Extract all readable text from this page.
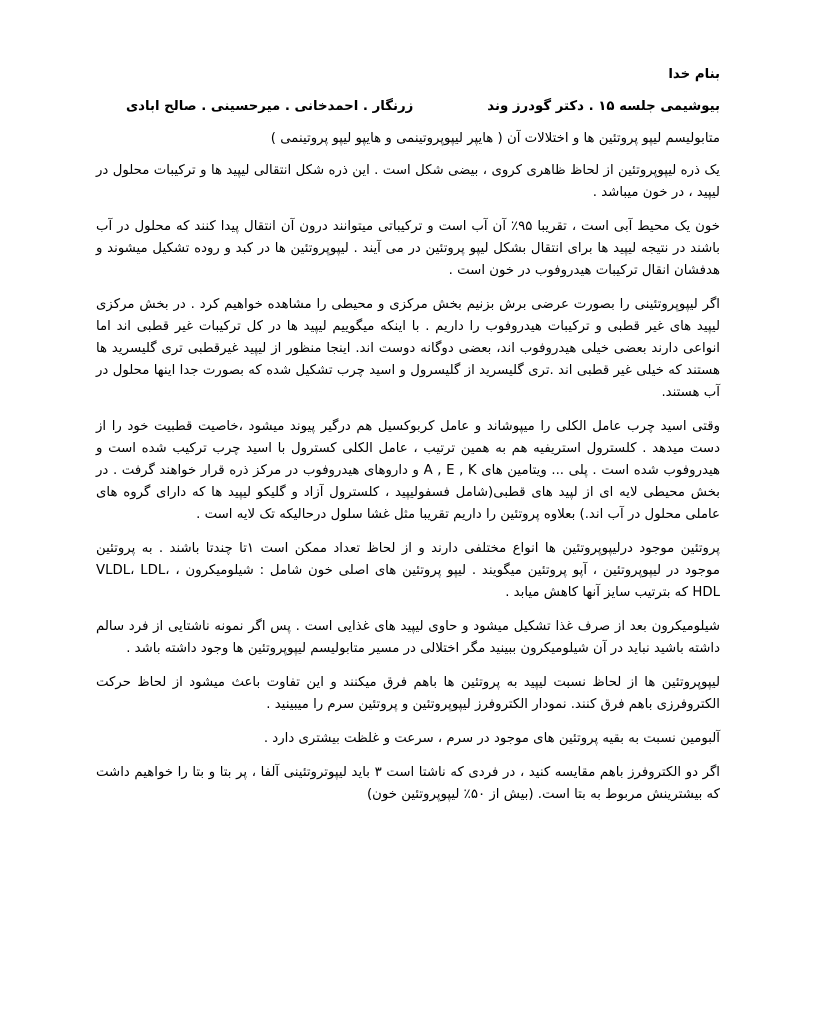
بنام خدا
بیوشیمی جلسه ۱۵ . دکتر گودرز وند
زرنگار . احمدخانی . میرحسینی . صالح ابادی
متابولیسم لیپو پروتئین ها و اختلالات آن ( هایپر لیپوپروتینمی و هایپو لیپو پروتینمی )

یک ذره لیپوپروتئین از لحاظ ظاهری کروی ، بیضی شکل است . این ذره شکل انتقالی لیپید ها و ترکیبات محلول در لیپید ، در خون میباشد .

خون یک محیط آبی است ، تقریبا ۹۵٪ آن آب است و ترکیباتی میتوانند درون آن انتقال پیدا کنند که محلول در آب باشند در نتیجه لیپید ها برای انتقال بشکل لیپو پروتئین در می آیند . لیپوپروتئین ها در کبد و روده تشکیل میشوند و هدفشان انقال ترکیبات هیدروفوب در خون است .

اگر لیپوپروتئینی را بصورت عرضی برش بزنیم بخش مرکزی و محیطی را مشاهده خواهیم کرد . در بخش مرکزی لیپید های غیر قطبی و ترکیبات هیدروفوب را داریم . با اینکه میگوییم لیپید ها در کل ترکیبات غیر قطبی اند اما انواعی دارند بعضی خیلی هیدروفوب اند، بعضی دوگانه دوست اند. اینجا منظور از لیپید غیرقطبی تری گلیسرید ها هستند که خیلی غیر قطبی اند .تری گلیسرید از گلیسرول و اسید چرب تشکیل شده که بصورت جدا اینها محلول در آب هستند.

وقتی اسید چرب عامل الکلی را میپوشاند و عامل کربوکسیل هم درگیر پیوند میشود ،خاصیت قطبیت خود را از دست میدهد . کلسترول استریفیه هم به همین ترتیب ، عامل الکلی کسترول با اسید چرب ترکیب شده است و هیدروفوب شده است . پلی ... ویتامین های A , E , K و داروهای هیدروفوب در مرکز ذره قرار خواهند گرفت . در بخش محیطی لایه ای از لپید های قطبی(شامل فسفولیپید ، کلسترول آزاد و گلیکو لیپید ها که دارای گروه های عاملی محلول در آب اند.) بعلاوه پروتئین را داریم تقریبا مثل غشا سلول درحالیکه تک لایه است .

پروتئین موجود درلیپوپروتئین ها انواع مختلفی دارند و از لحاظ تعداد ممکن است ۱تا چندتا باشند . به پروتئین موجود در لیپوپروتئین ، آپو پروتئین میگویند . لیپو پروتئین های اصلی خون شامل : شیلومیکرون ، VLDL، LDL، HDL که بترتیب سایز آنها کاهش میابد .

شیلومیکرون بعد از صرف غذا تشکیل میشود و حاوی لیپید های غذایی است . پس اگر نمونه ناشتایی از فرد سالم داشته باشید نباید در آن شیلومیکرون ببینید مگر اختلالی در مسیر متابولیسم لیپوپروتئین ها وجود داشته باشد .

لیپوپروتئین ها از لحاظ نسبت لیپید به پروتئین ها باهم فرق میکنند و این تفاوت باعث میشود از لحاظ حرکت الکتروفرزی باهم فرق کنند. نمودار الکتروفرز لیپوپروتئین و پروتئین سرم را میبینید .

آلبومین نسبت به بقیه پروتئین های موجود در سرم ، سرعت و غلظت بیشتری دارد .

اگر دو الکتروفرز باهم مقایسه کنید ، در فردی که ناشتا است ۳ باید لیپوتروتئینی آلفا ، پر بتا و بتا را خواهیم داشت که بیشترینش مربوط به بتا است. (بیش از ۵۰٪ لیپوپروتئین خون)
